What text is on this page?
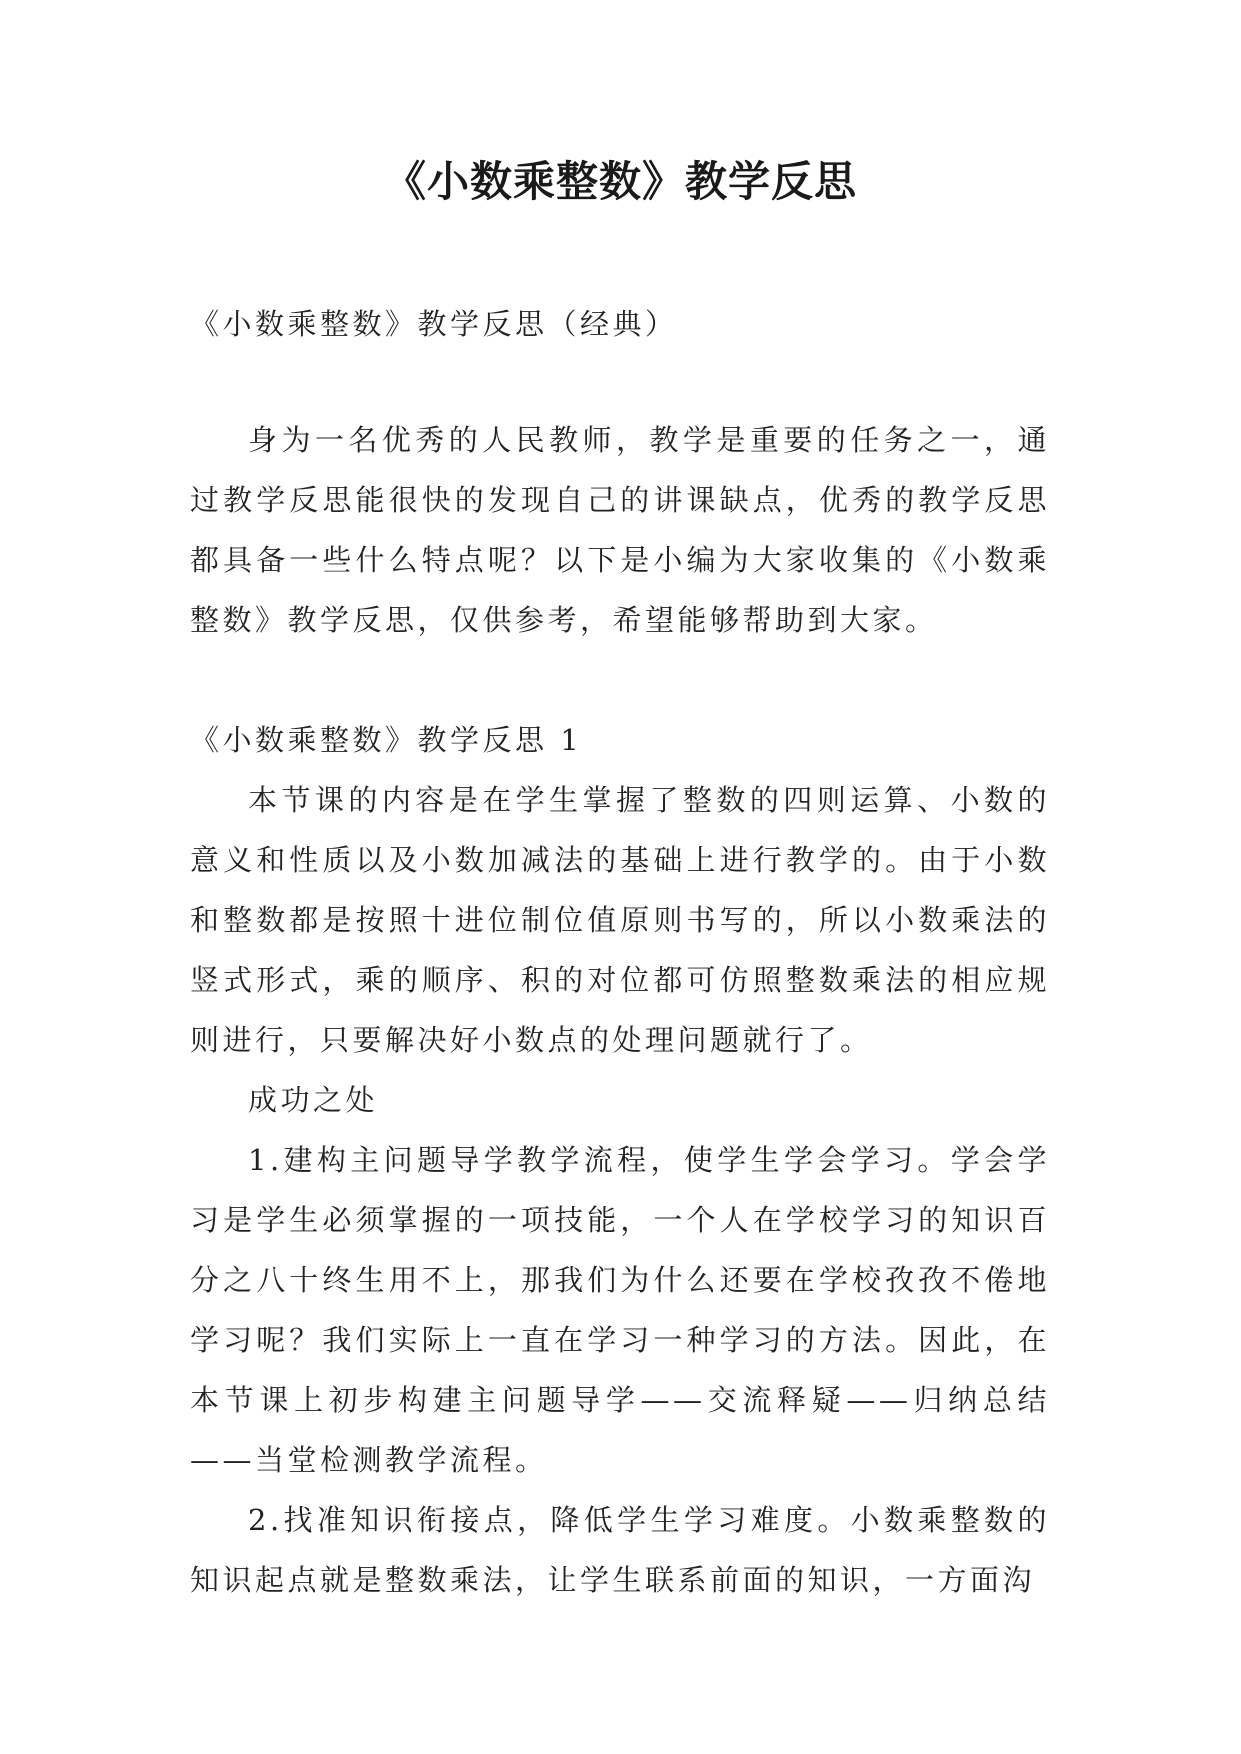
《小数乘整数》教学反思

《小数乘整数》教学反思（经典）

身为一名优秀的人民教师，教学是重要的任务之一，通过教学反思能很快的发现自己的讲课缺点，优秀的教学反思都具备一些什么特点呢？以下是小编为大家收集的《小数乘整数》教学反思，仅供参考，希望能够帮助到大家。

《小数乘整数》教学反思 1

本节课的内容是在学生掌握了整数的四则运算、小数的意义和性质以及小数加减法的基础上进行教学的。由于小数和整数都是按照十进位制位值原则书写的，所以小数乘法的竖式形式，乘的顺序、积的对位都可仿照整数乘法的相应规则进行，只要解决好小数点的处理问题就行了。

成功之处

1.建构主问题导学教学流程，使学生学会学习。学会学习是学生必须掌握的一项技能，一个人在学校学习的知识百分之八十终生用不上，那我们为什么还要在学校孜孜不倦地学习呢？我们实际上一直在学习一种学习的方法。因此，在本节课上初步构建主问题导学——交流释疑——归纳总结——当堂检测教学流程。

2.找准知识衔接点，降低学生学习难度。小数乘整数的知识起点就是整数乘法，让学生联系前面的知识，一方面沟
